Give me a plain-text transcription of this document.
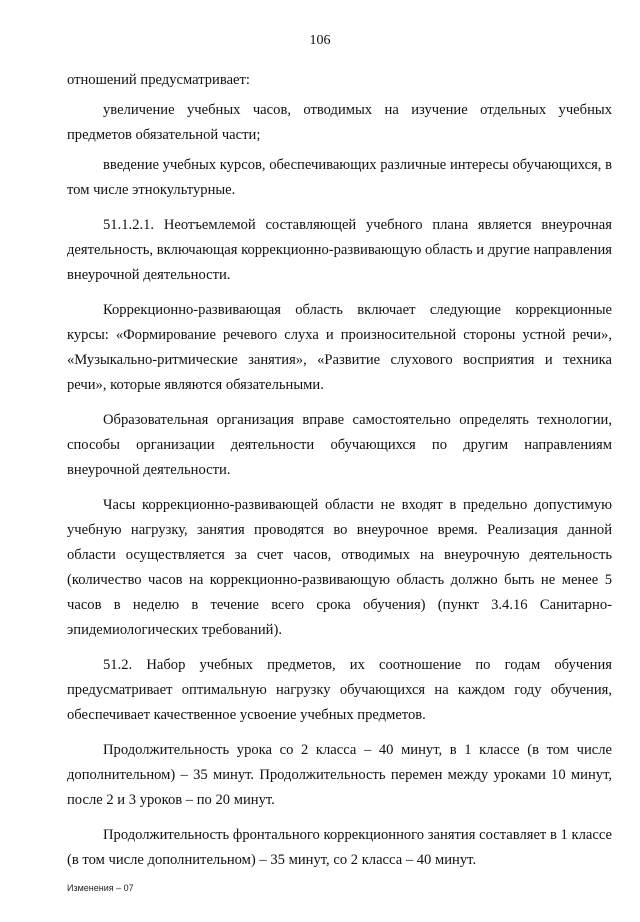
106

отношений предусматривает:

увеличение учебных часов, отводимых на изучение отдельных учебных предметов обязательной части;

введение учебных курсов, обеспечивающих различные интересы обучающихся, в том числе этнокультурные.

51.1.2.1. Неотъемлемой составляющей учебного плана является внеурочная деятельность, включающая коррекционно-развивающую область и другие направления внеурочной деятельности.

Коррекционно-развивающая область включает следующие коррекционные курсы: «Формирование речевого слуха и произносительной стороны устной речи», «Музыкально-ритмические занятия», «Развитие слухового восприятия и техника речи», которые являются обязательными.

Образовательная организация вправе самостоятельно определять технологии, способы организации деятельности обучающихся по другим направлениям внеурочной деятельности.

Часы коррекционно-развивающей области не входят в предельно допустимую учебную нагрузку, занятия проводятся во внеурочное время. Реализация данной области осуществляется за счет часов, отводимых на внеурочную деятельность (количество часов на коррекционно-развивающую область должно быть не менее 5 часов в неделю в течение всего срока обучения) (пункт 3.4.16 Санитарно-эпидемиологических требований).

51.2. Набор учебных предметов, их соотношение по годам обучения предусматривает оптимальную нагрузку обучающихся на каждом году обучения, обеспечивает качественное усвоение учебных предметов.

Продолжительность урока со 2 класса – 40 минут, в 1 классе (в том числе дополнительном) – 35 минут. Продолжительность перемен между уроками 10 минут, после 2 и 3 уроков – по 20 минут.

Продолжительность фронтального коррекционного занятия составляет в 1 классе (в том числе дополнительном) – 35 минут, со 2 класса – 40 минут.

Изменения – 07
